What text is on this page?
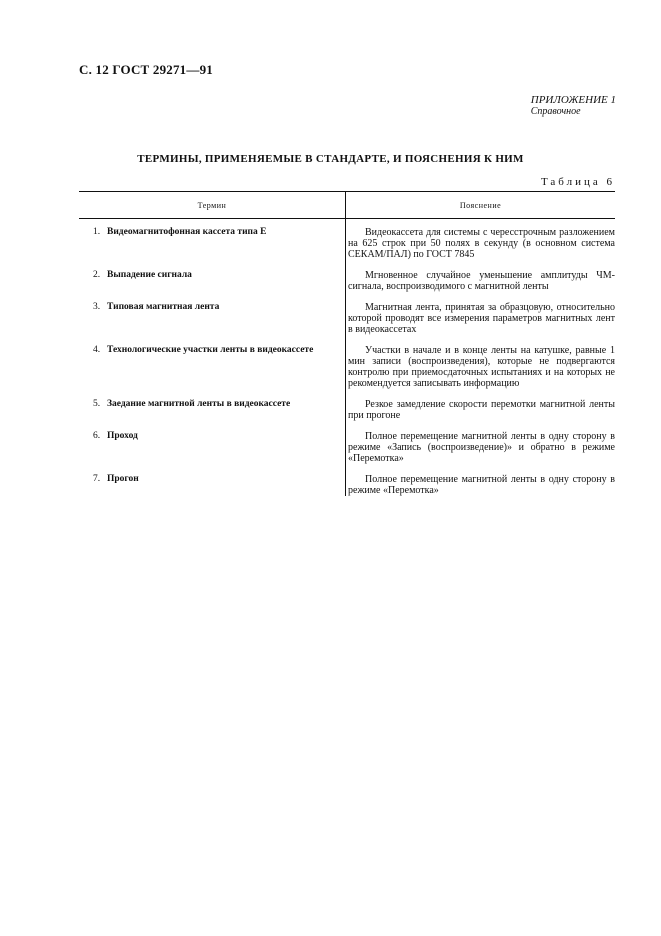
С. 12 ГОСТ 29271—91
ПРИЛОЖЕНИЕ 1
Справочное
ТЕРМИНЫ, ПРИМЕНЯЕМЫЕ В СТАНДАРТЕ, И ПОЯСНЕНИЯ К НИМ
Таблица 6
Термин	Пояснение
1. Видеомагнитофонная кассета типа Е	Видеокассета для системы с чересстрочным разложением на 625 строк при 50 полях в секунду (в основном система СЕКАМ/ПАЛ) по ГОСТ 7845
2. Выпадение сигнала	Мгновенное случайное уменьшение амплитуды ЧМ-сигнала, воспроизводимого с магнитной ленты
3. Типовая магнитная лента	Магнитная лента, принятая за образцовую, относительно которой проводят все измерения параметров магнитных лент в видеокассетах
4. Технологические участки ленты в видеокассете	Участки в начале и в конце ленты на катушке, равные 1 мин записи (воспроизведения), которые не подвергаются контролю при приемосдаточных испытаниях и на которых не рекомендуется записывать информацию
5. Заедание магнитной ленты в видеокассете	Резкое замедление скорости перемотки магнитной ленты при прогоне
6. Проход	Полное перемещение магнитной ленты в одну сторону в режиме «Запись (воспроизведение)» и обратно в режиме «Перемотка»
7. Прогон	Полное перемещение магнитной ленты в одну сторону в режиме «Перемотка»
